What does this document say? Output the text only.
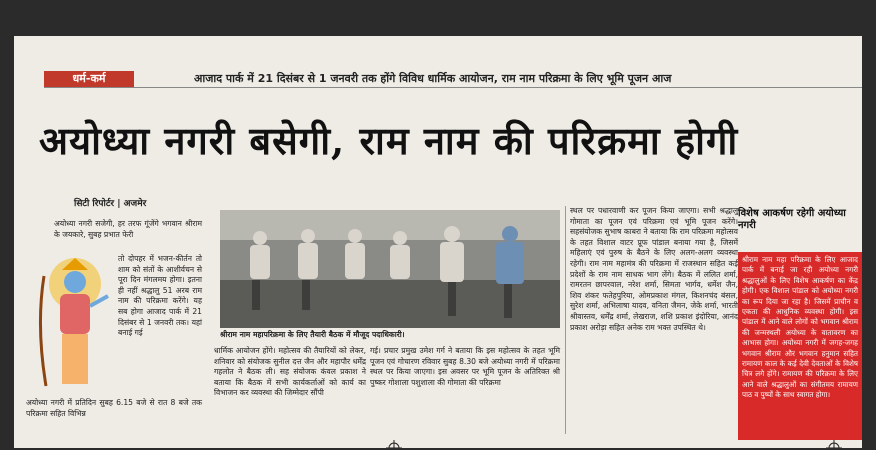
धर्म-कर्म	आजाद पार्क में 21 दिसंबर से 1 जनवरी तक होंगे विविध धार्मिक आयोजन, राम नाम परिक्रमा के लिए भूमि पूजन आज
अयोध्या नगरी बसेगी, राम नाम की परिक्रमा होगी
सिटी रिपोर्टर | अजमेर
अयोध्या नगरी सजेगी, हर तरफ गूंजेंगे भगवान श्रीराम के जयकारे, सुबह प्रभात फेरी
तो दोपहर में भजन-कीर्तन तो शाम को संतों के आशीर्वचन से पूरा दिन मंगलमय होगा। इतना ही नहीं श्रद्धालु 51 अरब राम नाम की परिक्रमा करेंगे। यह सब होगा आजाद पार्क में 21 दिसंबर से 1 जनवरी तक। यहां बनाई गई
अयोध्या नगरी में प्रतिदिन सुबह 6.15 बजे से रात 8 बजे तक परिक्रमा सहित विभिन्न
श्रीराम नाम महापरिक्रमा के लिए तैयारी बैठक में मौजूद पदाधिकारी।
धार्मिक आयोजन होंगे। महोत्सव की तैयारियों को लेकर, शनिवार को संयोजक सुनील दत्त जैन और महापौर धर्मेंद्र गहलोत ने बैठक ली। सह संयोजक कंवल प्रकाश ने बताया कि बैठक में सभी कार्यकर्ताओं को कार्य का विभाजन कर व्यवस्था की जिम्मेदार सौंपी
गई। प्रचार प्रमुख उमेश गर्ग ने बताया कि इस महोत्सव के तहत भूमि पूजन एवं गोचारण रविवार सुबह 8.30 बजे अयोध्या नगरी में परिक्रमा स्थल पर किया जाएगा। इस अवसर पर भूमि पूजन के अतिरिक्त श्री पुष्कर गोशाला पशुशाला की गोमाता की परिक्रमा
स्थल पर पधारवाणी कर पूजन किया जाएगा। सभी श्रद्धालु गोमाता का पूजन एवं परिक्रमा एवं भूमि पूजन करेंगे। सहसंयोजक सुभाष काबरा ने बताया कि राम परिक्रमा महोत्सव के तहत विशाल वाटर प्रूफ पांडाल बनाया गया है, जिसमें महिलाएं एवं पुरुष के बैठने के लिए अलग-अलग व्यवस्था रहेगी। राम नाम महामंत्र की परिक्रमा में राजस्थान सहित कई प्रदेशों के राम नाम साधक भाग लेंगे। बैठक में ललित शर्मा, रामरतन छापरवाल, नरेश शर्मा, सिमता भार्गव, धर्मेश जैन, शिव शंकर फतेहपुरिया, ओमप्रकाश मंगल, किशनचंद बंसल, सुरेश शर्मा, अभिलाषा यादव, वनिता जैमन, जेके शर्मा, भारती श्रीवास्तव, धर्मेंद्र शर्मा, लेखराज, शशि प्रकाश इंदोरिया, आनंद प्रकाश अरोड़ा सहित अनेक राम भक्त उपस्थित थे।
विशेष आकर्षण रहेगी अयोध्या नगरी

श्रीराम नाम महा परिक्रमा के लिए आजाद पार्क में बनाई जा रही अयोध्या नगरी श्रद्धालुओं के लिए विशेष आकर्षण का केंद्र होगी। एक विशाल पांडाल को अयोध्या नगरी का रूप दिया जा रहा है। जिसमें प्राचीन व एकता की आधुनिक व्यवस्था होगी। इस पांडाल में आने वाले लोगों को भगवान श्रीराम की जन्मस्थली अयोध्या के वातावरण का आभास होगा। अयोध्या नगरी में जगह-जगह भगवान श्रीराम और भगवान हनुमान सहित रामायण काल के कई देवी देवताओं के विशेष चित्र लगे होंगे। रामायण की परिक्रमा के लिए आने वाले श्रद्धालुओं का संगीतमय रामायण पाठ व पुष्पों के साथ स्वागत होगा।
